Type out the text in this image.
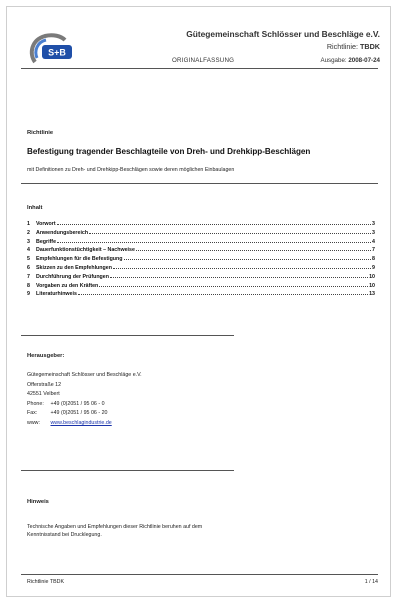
S+B
Gütegemeinschaft Schlösser und Beschläge e.V.
Richtlinie: TBDK
ORIGINALFASSUNG	Ausgabe: 2008-07-24
Richtlinie
Befestigung tragender Beschlagteile von Dreh- und Drehkipp-Beschlägen
mit Definitionen zu Dreh- und Drehkipp-Beschlägen sowie deren möglichen Einbaulagen
Inhalt
1	Vorwort	3
2	Anwendungsbereich	3
3	Begriffe	4
4	Dauerfunktionstüchtigkeit – Nachweise	7
5	Empfehlungen für die Befestigung	8
6	Skizzen zu den Empfehlungen	9
7	Durchführung der Prüfungen	10
8	Vorgaben zu den Kräften	10
9	Literaturhinweis	13
Herausgeber:
Gütegemeinschaft Schlösser und Beschläge e.V.
Offerstraße 12
42551 Velbert
Phone: +49 (0)2051 / 95 06 - 0
Fax: +49 (0)2051 / 95 06 - 20
www: www.beschlagindustrie.de
Hinweis
Technische Angaben und Empfehlungen dieser Richtlinie beruhen auf dem Kenntnisstand bei Drucklegung.
Richtlinie TBDK	1 / 14
